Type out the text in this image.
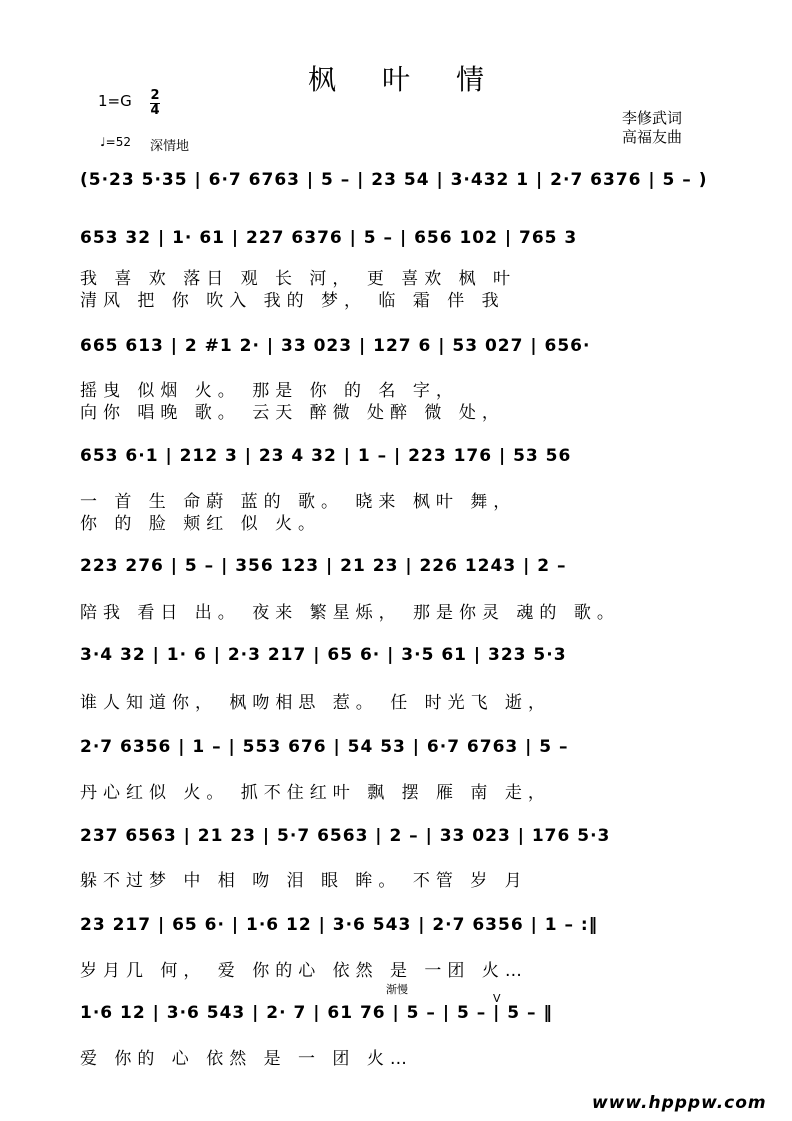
枫叶情
1=G 2
4
♩=52 深情地
李修武词
高福友曲
(5·23 5·35 | 6·7 6763 | 5 – | 23 54 | 3·432 1 | 2·7 6376 | 5 – )
653 32 | 1· 61 | 227 6376 | 5 – | 656 102 | 765 3
我 喜 欢 落日 观 长 河， 更 喜欢 枫 叶
清风 把 你 吹入 我的 梦， 临 霜 伴 我
665 613 | 2 #1 2· | 33 023 | 127 6 | 53 027 | 656·
摇曳 似烟 火。 那是 你 的 名 字，
向你 唱晚 歌。 云天 醉微 处醉 微 处，
653 6·1 | 212 3 | 23 4 32 | 1 – | 223 176 | 53 56
一 首 生 命蔚 蓝的 歌。 晓来 枫叶 舞，
你 的 脸 颊红 似 火。
223 276 | 5 – | 356 123 | 21 23 | 226 1243 | 2 –
陪我 看日 出。 夜来 繁星烁， 那是你灵 魂的 歌。
3·4 32 | 1· 6 | 2·3 217 | 65 6· | 3·5 61 | 323 5·3
谁人知道你， 枫吻相思 惹。 任 时光飞 逝，
2·7 6356 | 1 – | 553 676 | 54 53 | 6·7 6763 | 5 –
丹心红似 火。 抓不住红叶 飘 摆 雁 南 走，
237 6563 | 21 23 | 5·7 6563 | 2 – | 33 023 | 176 5·3
躲不过梦 中 相 吻 泪 眼 眸。 不管 岁 月
23 217 | 65 6· | 1·6 12 | 3·6 543 | 2·7 6356 | 1 – :‖
岁月几 何， 爱 你的心 依然 是 一团 火…
渐慢
V
1·6 12 | 3·6 543 | 2· 7 | 61 76 | 5 – | 5 – | 5 – ‖
爱 你的 心 依然 是 一 团 火…
www.hpppw.com
